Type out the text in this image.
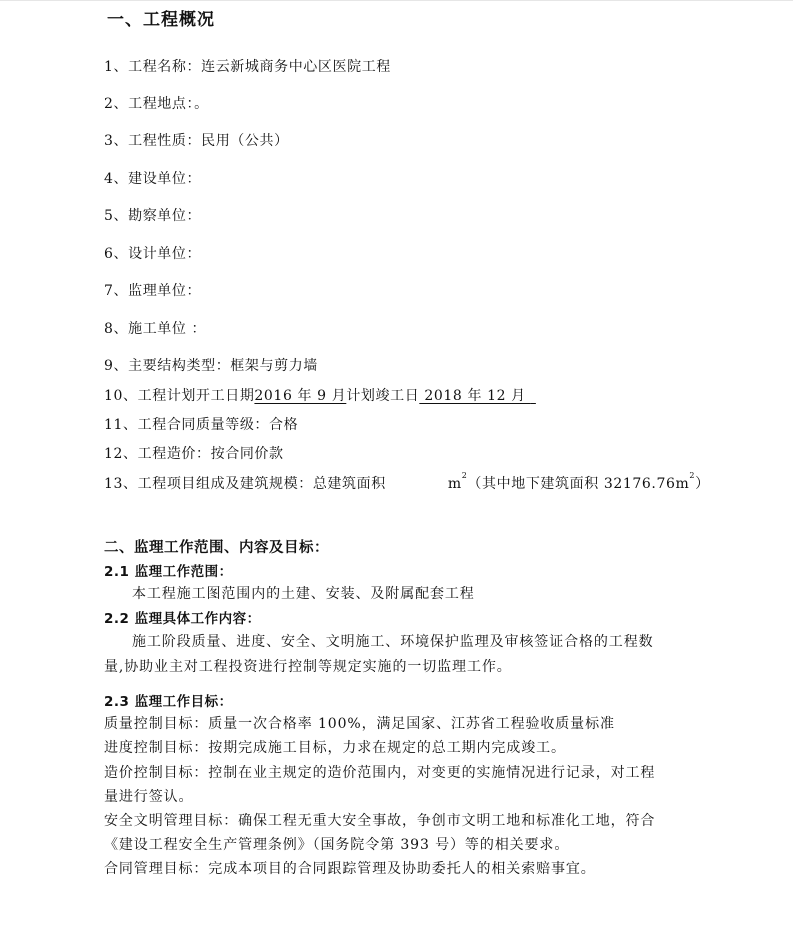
一、工程概况
1、工程名称：连云新城商务中心区医院工程
2、工程地点：。
3、工程性质：民用（公共）
4、建设单位：
5、勘察单位：
6、设计单位：
7、监理单位：
8、施工单位 ：
9、主要结构类型：框架与剪力墙
10、工程计划开工日期2016 年 9 月计划竣工日 2018 年 12 月
11、工程合同质量等级：合格
12、工程造价：按合同价款
13、工程项目组成及建筑规模：总建筑面积	$m^2$（其中地下建筑面积 $32176.76m^2$）
二、监理工作范围、内容及目标：
2.1 监理工作范围：
本工程施工图范围内的土建、安装、及附属配套工程
2.2 监理具体工作内容：
施工阶段质量、进度、安全、文明施工、环境保护监理及审核签证合格的工程数
量,协助业主对工程投资进行控制等规定实施的一切监理工作。
2.3 监理工作目标：
质量控制目标：质量一次合格率 100%，满足国家、江苏省工程验收质量标准
进度控制目标：按期完成施工目标，力求在规定的总工期内完成竣工。
造价控制目标：控制在业主规定的造价范围内，对变更的实施情况进行记录，对工程
量进行签认。
安全文明管理目标：确保工程无重大安全事故，争创市文明工地和标准化工地，符合
《建设工程安全生产管理条例》（国务院令第 393 号）等的相关要求。
合同管理目标：完成本项目的合同跟踪管理及协助委托人的相关索赔事宜。
